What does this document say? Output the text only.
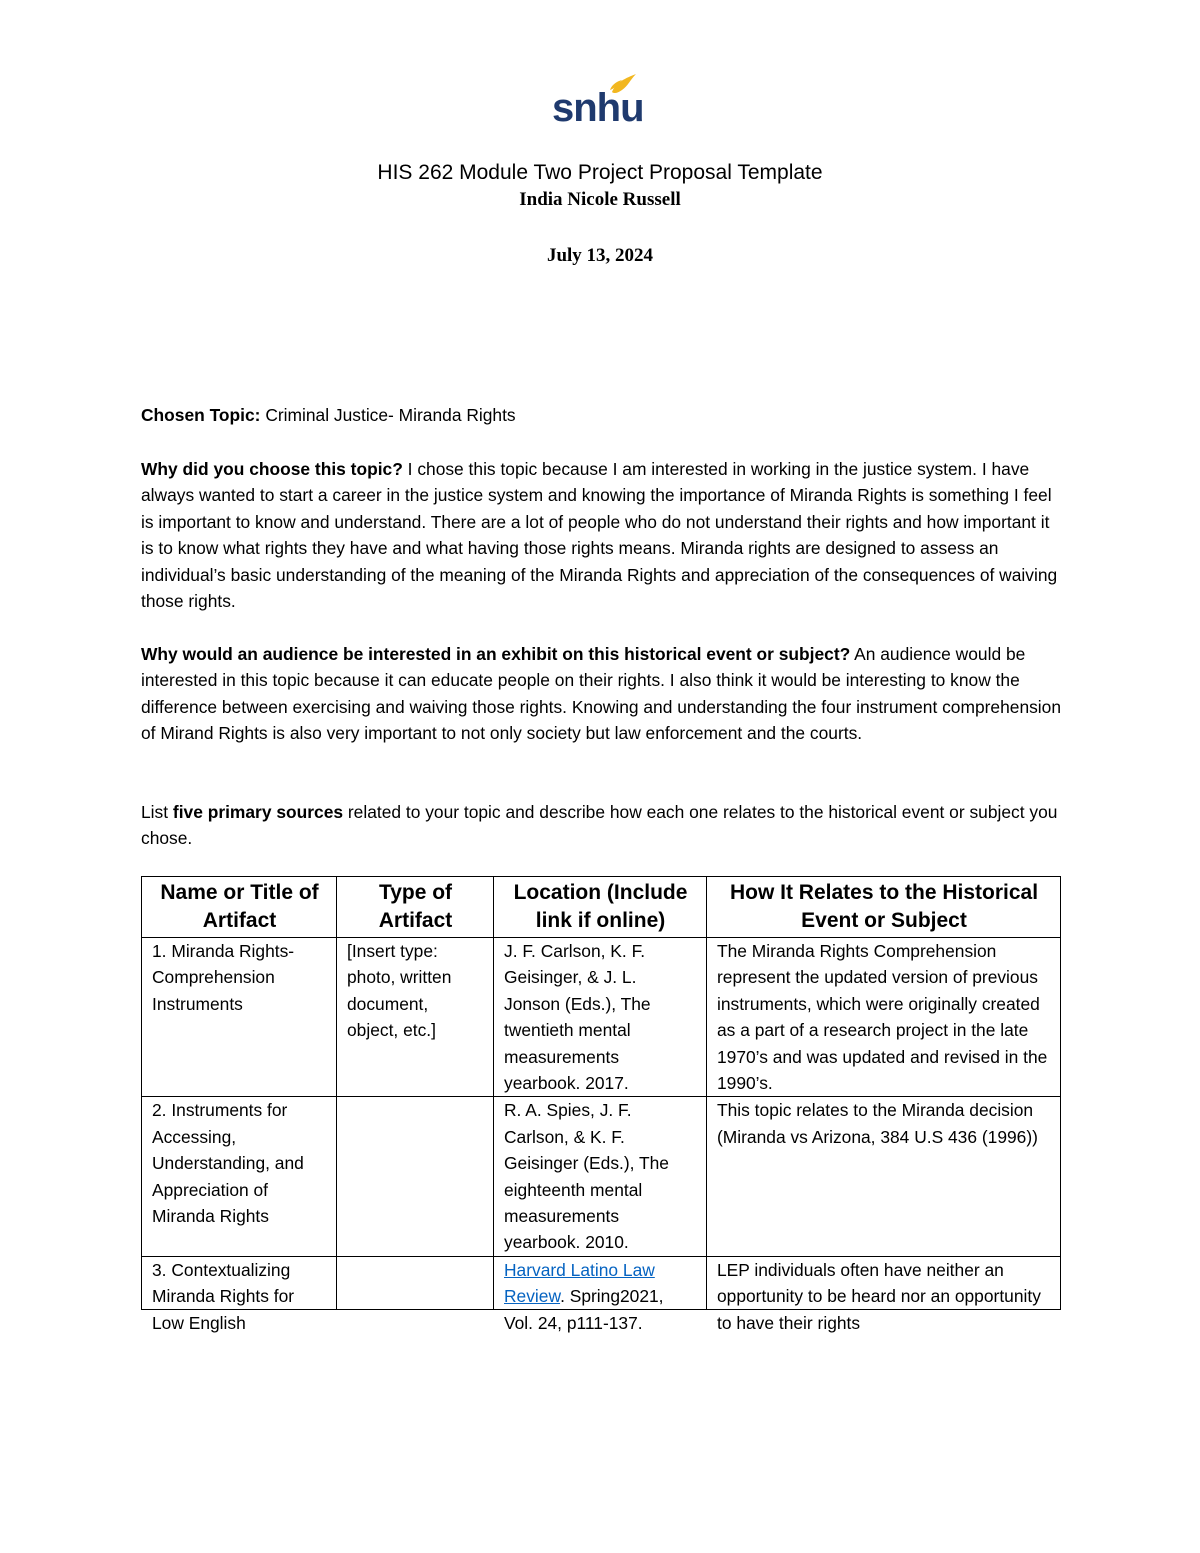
snhu
HIS 262 Module Two Project Proposal Template
India Nicole Russell
July 13, 2024
Chosen Topic: Criminal Justice- Miranda Rights
Why did you choose this topic? I chose this topic because I am interested in working in the justice system. I have always wanted to start a career in the justice system and knowing the importance of Miranda Rights is something I feel is important to know and understand. There are a lot of people who do not understand their rights and how important it is to know what rights they have and what having those rights means. Miranda rights are designed to assess an individual’s basic understanding of the meaning of the Miranda Rights and appreciation of the consequences of waiving those rights.
Why would an audience be interested in an exhibit on this historical event or subject? An audience would be interested in this topic because it can educate people on their rights. I also think it would be interesting to know the difference between exercising and waiving those rights. Knowing and understanding the four instrument comprehension of Mirand Rights is also very important to not only society but law enforcement and the courts.
List five primary sources related to your topic and describe how each one relates to the historical event or subject you chose.
Name or Title of Artifact	Type of Artifact	Location (Include link if online)	How It Relates to the Historical Event or Subject
1. Miranda Rights- Comprehension Instruments	[Insert type: photo, written document, object, etc.]	J. F. Carlson, K. F. Geisinger, & J. L. Jonson (Eds.), The twentieth mental measurements yearbook. 2017.	The Miranda Rights Comprehension represent the updated version of previous instruments, which were originally created as a part of a research project in the late 1970’s and was updated and revised in the 1990’s.
2. Instruments for Accessing, Understanding, and Appreciation of Miranda Rights		R. A. Spies, J. F. Carlson, & K. F. Geisinger (Eds.), The eighteenth mental measurements yearbook. 2010.	This topic relates to the Miranda decision (Miranda vs Arizona, 384 U.S 436 (1996))

3. Contextualizing Miranda Rights for Low English		Harvard Latino Law Review. Spring2021, Vol. 24, p111-137.	LEP individuals often have neither an opportunity to be heard nor an opportunity to have their rights
